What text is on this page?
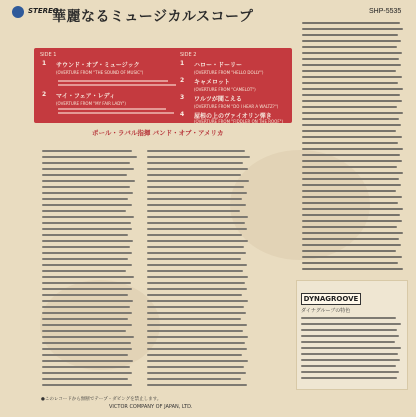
STEREO
華麗なるミュージカルスコープ	SHP-5535
SIDE 1	SIDE 2
1 サウンド・オブ・ミュージック
(OVERTURE FROM "THE SOUND OF MUSIC")
2 マイ・フェア・レディ
(OVERTURE FROM "MY FAIR LADY")
1 ハロー・ドーリー
(OVERTURE FROM "HELLO DOLLY")
2 キャメロット
(OVERTURE FROM "CAMELOT")
3 ワルツが聞こえる
(OVERTURE FROM "DO I HEAR A WALTZ?")
4 屋根の上のヴァイオリン弾き
(OVERTURE FROM "FIDDLER ON THE ROOF")
ポール・ラバル指揮 バンド・オブ・アメリカ
DYNAGROOVE
ダイナグルーブの特色
●このレコードから無断でテープ・ダビングを禁止します。
VICTOR COMPANY OF JAPAN, LTD.
